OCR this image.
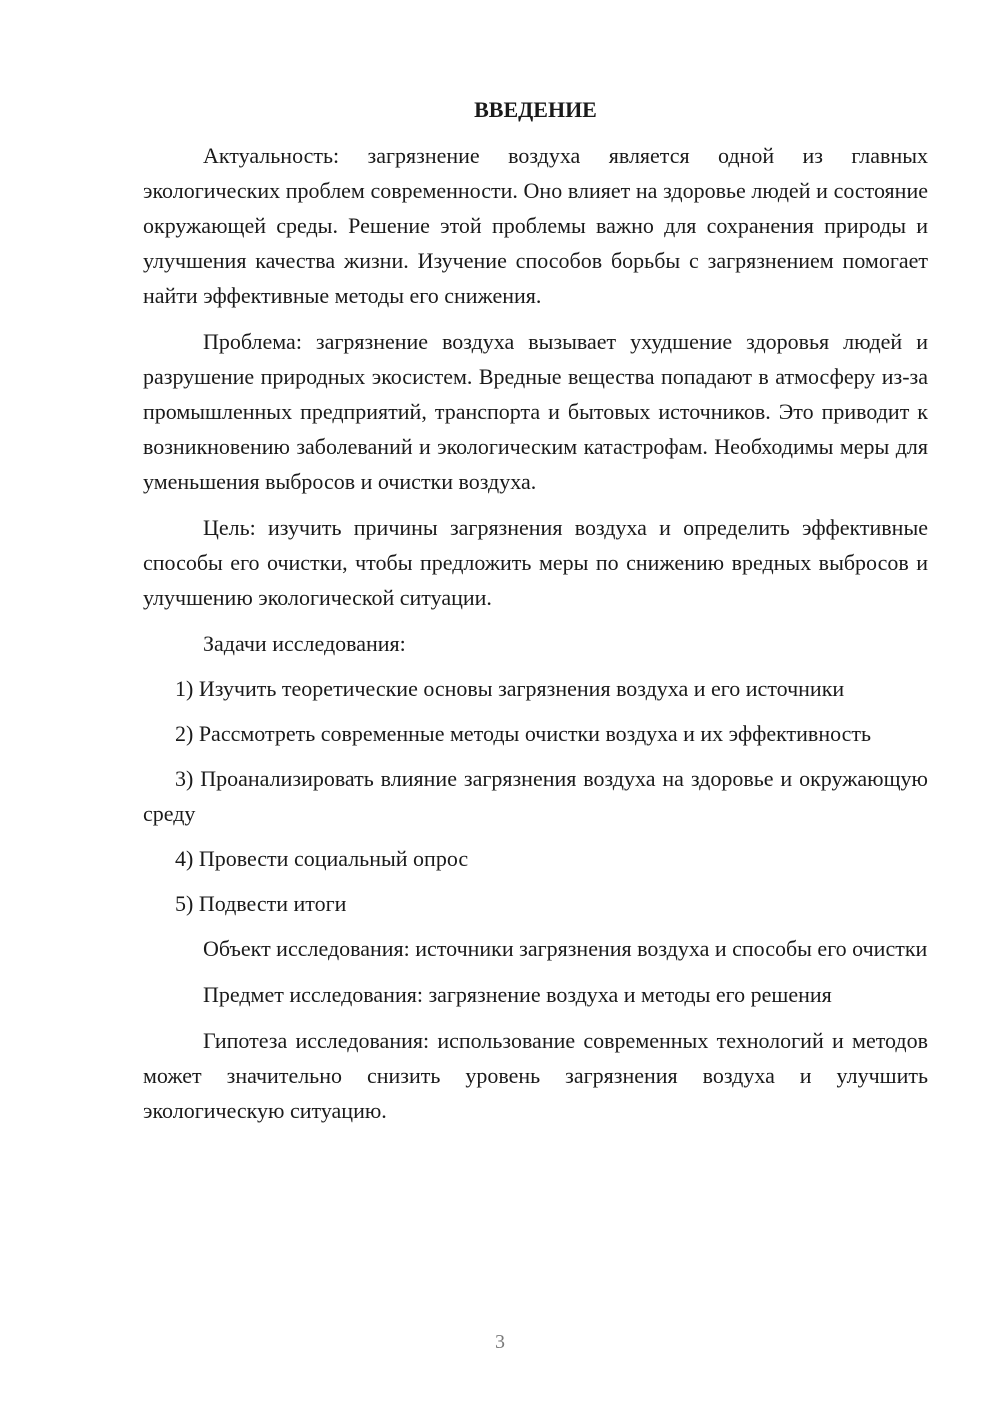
ВВЕДЕНИЕ

Актуальность: загрязнение воздуха является одной из главных экологических проблем современности. Оно влияет на здоровье людей и состояние окружающей среды. Решение этой проблемы важно для сохранения природы и улучшения качества жизни. Изучение способов борьбы с загрязнением помогает найти эффективные методы его снижения.

Проблема: загрязнение воздуха вызывает ухудшение здоровья людей и разрушение природных экосистем. Вредные вещества попадают в атмосферу из-за промышленных предприятий, транспорта и бытовых источников. Это приводит к возникновению заболеваний и экологическим катастрофам. Необходимы меры для уменьшения выбросов и очистки воздуха.

Цель: изучить причины загрязнения воздуха и определить эффективные способы его очистки, чтобы предложить меры по снижению вредных выбросов и улучшению экологической ситуации.

Задачи исследования:

1) Изучить теоретические основы загрязнения воздуха и его источники

2) Рассмотреть современные методы очистки воздуха и их эффективность

3) Проанализировать влияние загрязнения воздуха на здоровье и окружающую среду

4) Провести социальный опрос

5) Подвести итоги

Объект исследования: источники загрязнения воздуха и способы его очистки

Предмет исследования: загрязнение воздуха и методы его решения

Гипотеза исследования: использование современных технологий и методов может значительно снизить уровень загрязнения воздуха и улучшить экологическую ситуацию.

3
